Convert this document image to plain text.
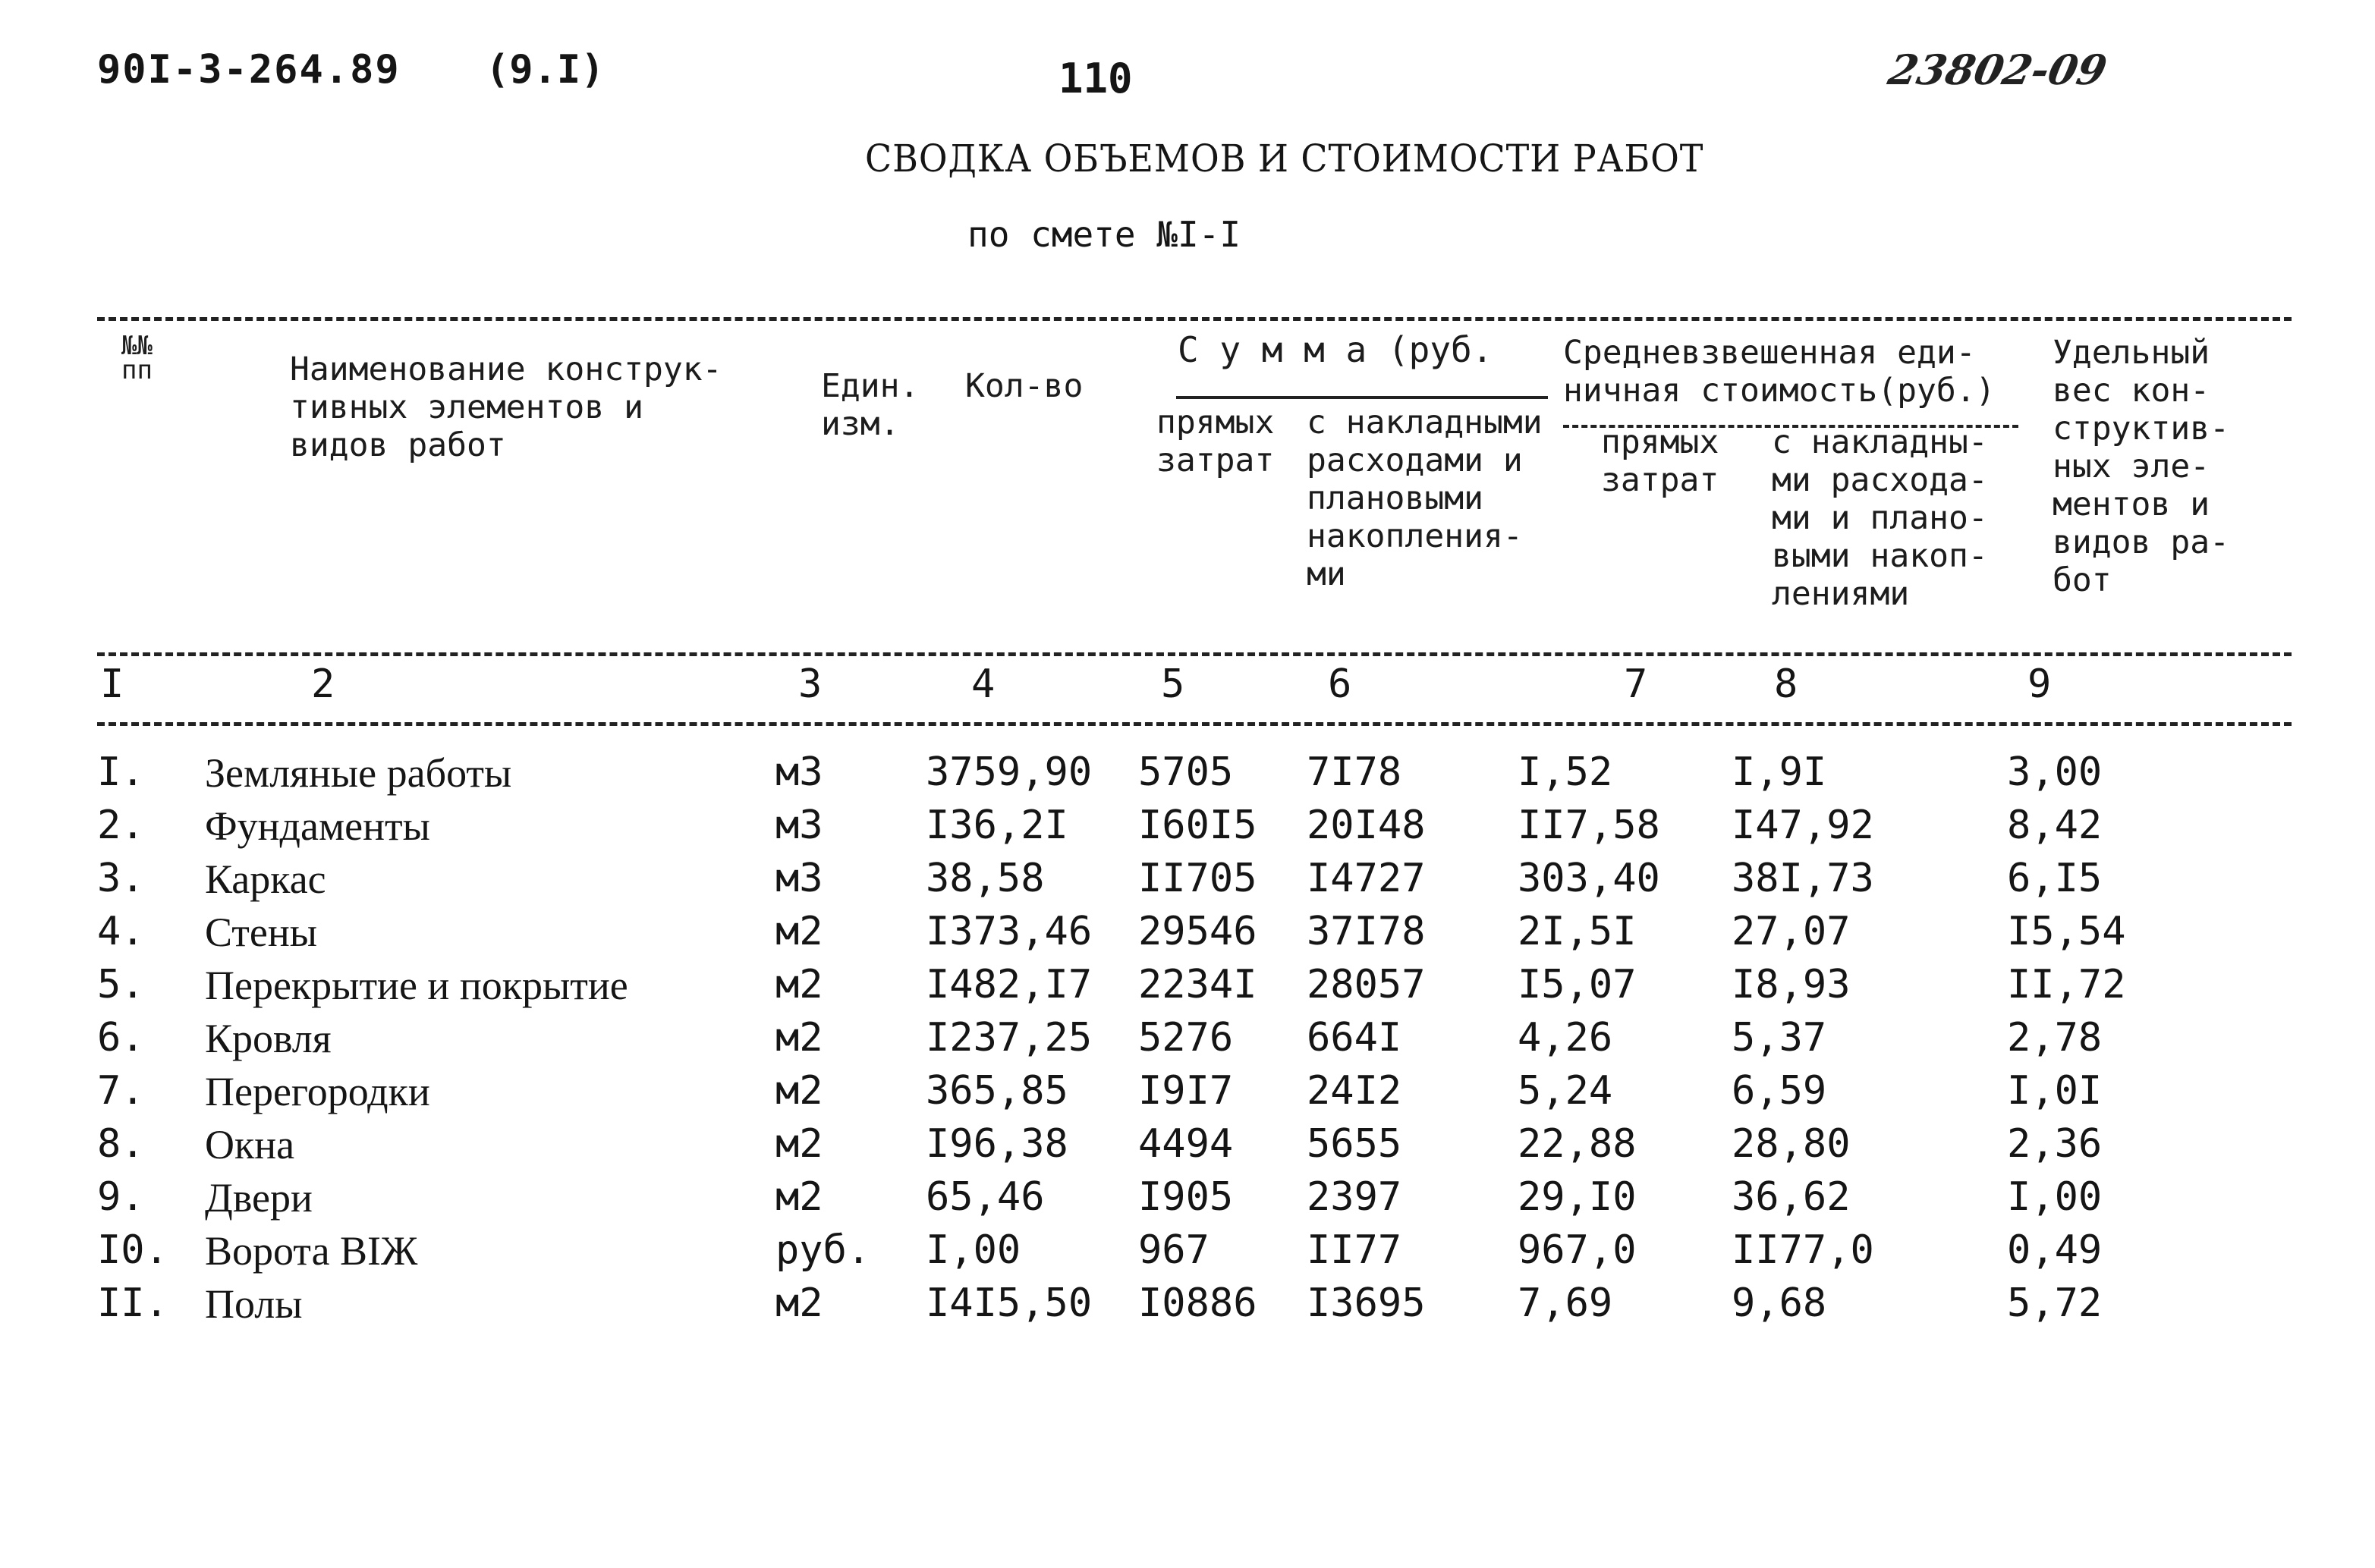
90I-3-264.89 (9.I)	110	23802-09
СВОДКА ОБЪЕМОВ И СТОИМОСТИ РАБОТ
по смете №I-I
№№
пп	Наименование конструк-
тивных элементов и
видов работ
Един.
изм.
Кол-во
С у м м а (руб.
прямых
затрат
с накладными
расходами и
плановыми
накопления-
ми
Средневзвешенная еди-
ничная стоимость(руб.)
прямых
затрат
с накладны-
ми расхода-
ми и плано-
выми накоп-
лениями
Удельный
вес кон-
структив-
ных эле-
ментов и
видов ра-
бот
I	2	3	4	5	6	7	8	9
I. Земляные работы	м3	3759,90 5705 7I78	I,52	I,9I	3,00
2. Фундаменты	м3	I36,2I I60I5 20I48 II7,58 I47,92	8,42
3. Каркас	м3	38,58 II705 I4727 303,40 38I,73	6,I5
4. Стены	м2	I373,46 29546 37I78 2I,5I 27,07	I5,54
5. Перекрытие и покрытие	м2	I482,I7 2234I 28057 I5,07 I8,93	II,72
6. Кровля	м2	I237,25 5276 664I	4,26	5,37	2,78
7. Перегородки	м2	365,85 I9I7 24I2	5,24	6,59	I,0I
8. Окна	м2	I96,38 4494 5655	22,88 28,80	2,36
9. Двери	м2	65,46 I905 2397	29,I0 36,62	I,00
I0. Ворота ВІЖ	руб. I,00	967 II77	967,0 II77,0	0,49
II. Полы	м2	I4I5,50 I0886 I3695 7,69	9,68	5,72
